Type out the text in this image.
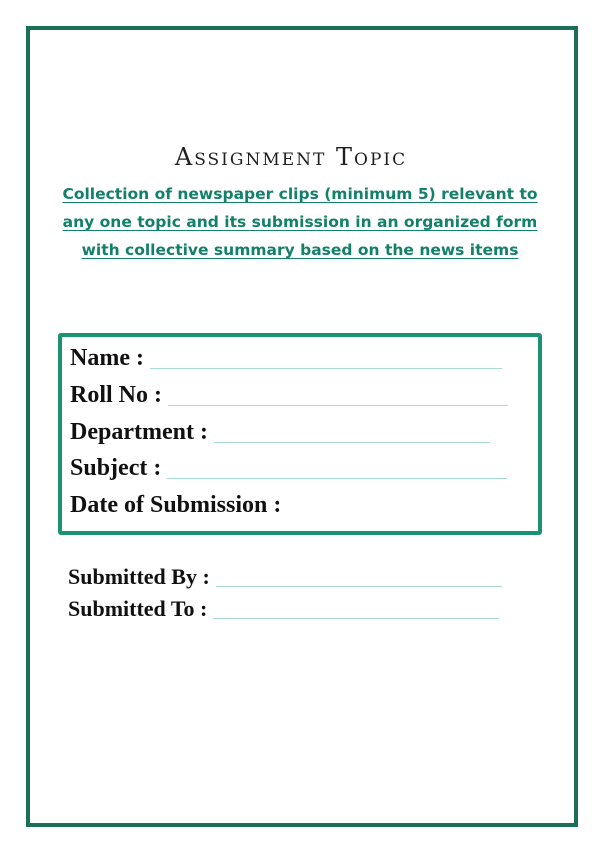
Assignment Topic
Collection of newspaper clips (minimum 5) relevant to
any one topic and its submission in an organized form
with collective summary based on the news items
Name :
Roll No :
Department :
Subject :
Date of Submission :
Submitted By :
Submitted To :
